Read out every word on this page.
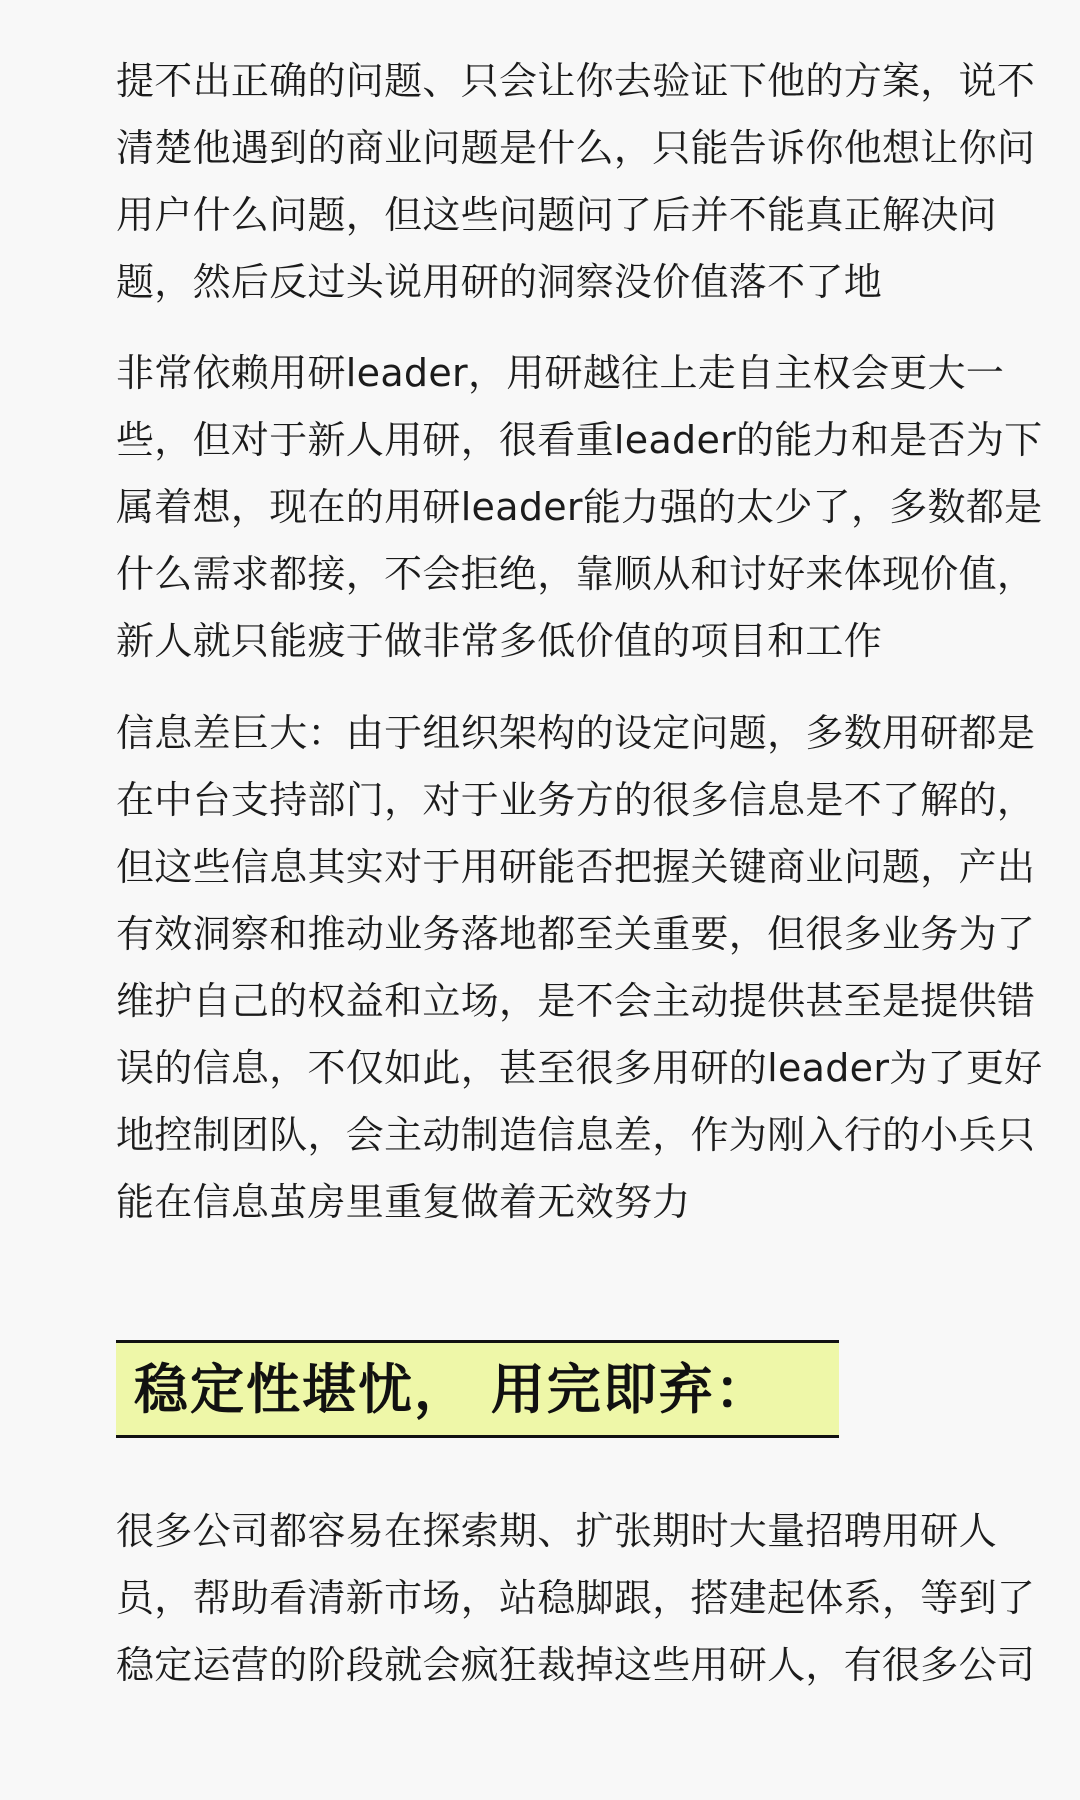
提不出正确的问题、只会让你去验证下他的方案，说不
清楚他遇到的商业问题是什么，只能告诉你他想让你问
用户什么问题，但这些问题问了后并不能真正解决问
题，然后反过头说用研的洞察没价值落不了地

非常依赖用研leader，用研越往上走自主权会更大一
些，但对于新人用研，很看重leader的能力和是否为下
属着想，现在的用研leader能力强的太少了，多数都是
什么需求都接，不会拒绝，靠顺从和讨好来体现价值，
新人就只能疲于做非常多低价值的项目和工作

信息差巨大：由于组织架构的设定问题，多数用研都是
在中台支持部门，对于业务方的很多信息是不了解的，
但这些信息其实对于用研能否把握关键商业问题，产出
有效洞察和推动业务落地都至关重要，但很多业务为了
维护自己的权益和立场，是不会主动提供甚至是提供错
误的信息，不仅如此，甚至很多用研的leader为了更好
地控制团队，会主动制造信息差，作为刚入行的小兵只
能在信息茧房里重复做着无效努力

稳定性堪忧， 用完即弃：

很多公司都容易在探索期、扩张期时大量招聘用研人
员，帮助看清新市场，站稳脚跟，搭建起体系，等到了
稳定运营的阶段就会疯狂裁掉这些用研人，有很多公司
